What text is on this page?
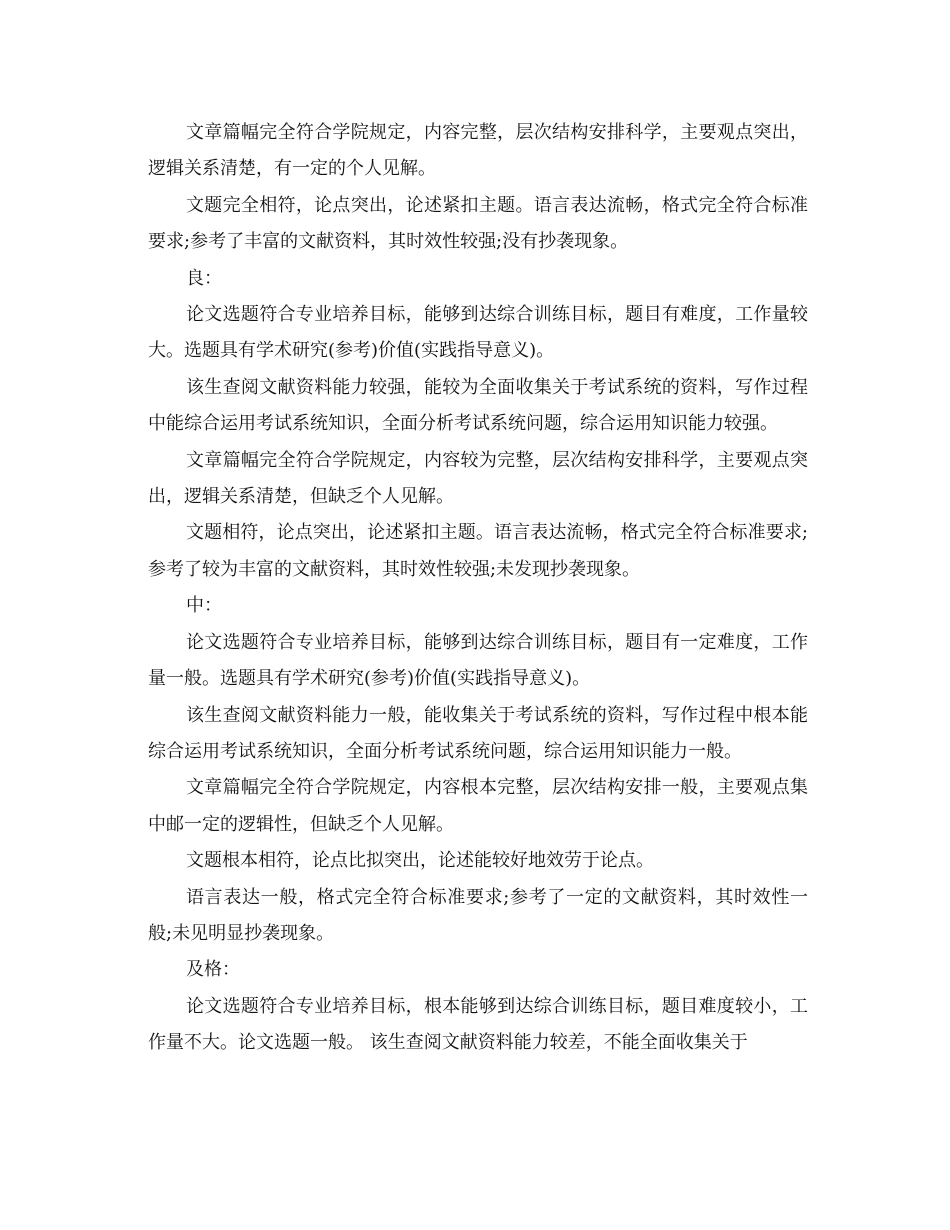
文章篇幅完全符合学院规定，内容完整，层次结构安排科学，主要观点突出，逻辑关系清楚，有一定的个人见解。

文题完全相符，论点突出，论述紧扣主题。语言表达流畅，格式完全符合标准要求;参考了丰富的文献资料，其时效性较强;没有抄袭现象。

良：

论文选题符合专业培养目标，能够到达综合训练目标，题目有难度，工作量较大。选题具有学术研究(参考)价值(实践指导意义)。

该生查阅文献资料能力较强，能较为全面收集关于考试系统的资料，写作过程中能综合运用考试系统知识，全面分析考试系统问题，综合运用知识能力较强。

文章篇幅完全符合学院规定，内容较为完整，层次结构安排科学，主要观点突出，逻辑关系清楚，但缺乏个人见解。

文题相符，论点突出，论述紧扣主题。语言表达流畅，格式完全符合标准要求;参考了较为丰富的文献资料，其时效性较强;未发现抄袭现象。

中：

论文选题符合专业培养目标，能够到达综合训练目标，题目有一定难度，工作量一般。选题具有学术研究(参考)价值(实践指导意义)。

该生查阅文献资料能力一般，能收集关于考试系统的资料，写作过程中根本能综合运用考试系统知识，全面分析考试系统问题，综合运用知识能力一般。

文章篇幅完全符合学院规定，内容根本完整，层次结构安排一般，主要观点集中邮一定的逻辑性，但缺乏个人见解。

文题根本相符，论点比拟突出，论述能较好地效劳于论点。

语言表达一般，格式完全符合标准要求;参考了一定的文献资料，其时效性一般;未见明显抄袭现象。

及格：

论文选题符合专业培养目标，根本能够到达综合训练目标，题目难度较小，工作量不大。论文选题一般。 该生查阅文献资料能力较差，不能全面收集关于
